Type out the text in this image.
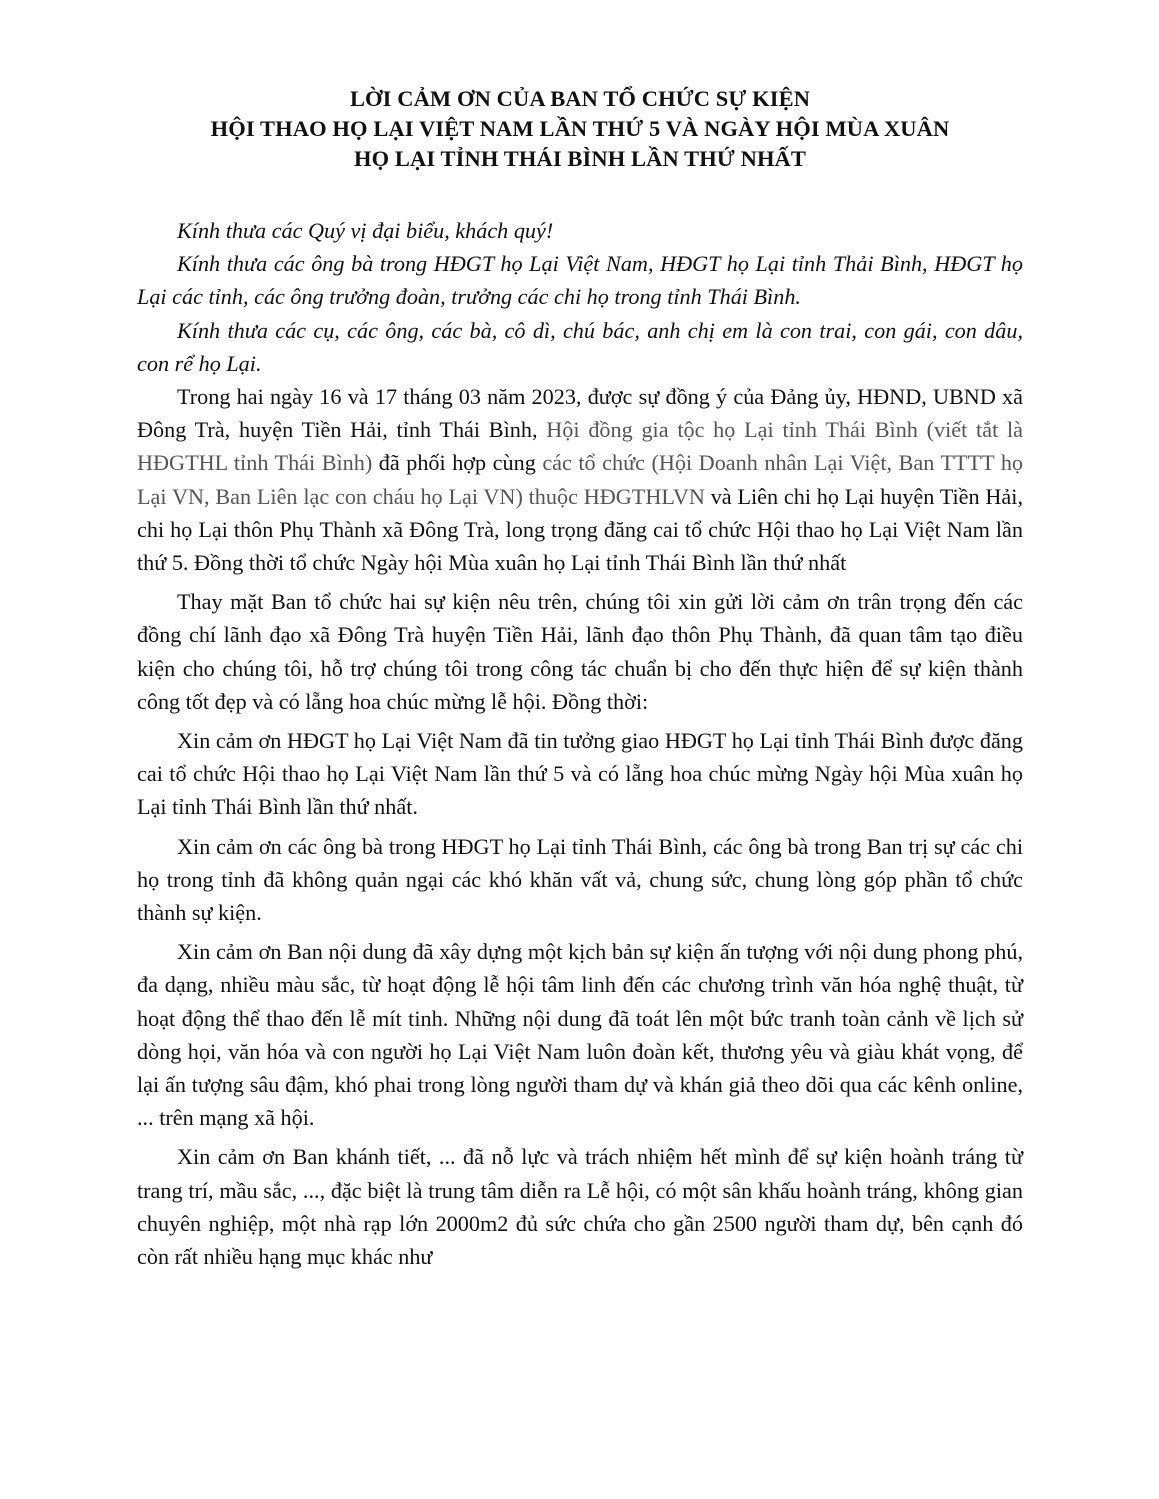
LỜI CẢM ƠN CỦA BAN TỔ CHỨC SỰ KIỆN
HỘI THAO HỌ LẠI VIỆT NAM LẦN THỨ 5 VÀ NGÀY HỘI MÙA XUÂN
HỌ LẠI TỈNH THÁI BÌNH LẦN THỨ NHẤT

Kính thưa các Quý vị đại biểu, khách quý!

Kính thưa các ông bà trong HĐGT họ Lại Việt Nam, HĐGT họ Lại tỉnh Thải Bình, HĐGT họ Lại các tỉnh, các ông trưởng đoàn, trưởng các chi họ trong tỉnh Thái Bình.

Kính thưa các cụ, các ông, các bà, cô dì, chú bác, anh chị em là con trai, con gái, con dâu, con rể họ Lại.

Trong hai ngày 16 và 17 tháng 03 năm 2023, được sự đồng ý của Đảng ủy, HĐND, UBND xã Đông Trà, huyện Tiền Hải, tỉnh Thái Bình, Hội đồng gia tộc họ Lại tỉnh Thái Bình (viết tắt là HĐGTHL tỉnh Thái Bình) đã phối hợp cùng các tổ chức (Hội Doanh nhân Lại Việt, Ban TTTT họ Lại VN, Ban Liên lạc con cháu họ Lại VN) thuộc HĐGTHLVN và Liên chi họ Lại huyện Tiền Hải, chi họ Lại thôn Phụ Thành xã Đông Trà, long trọng đăng cai tổ chức Hội thao họ Lại Việt Nam lần thứ 5. Đồng thời tổ chức Ngày hội Mùa xuân họ Lại tỉnh Thái Bình lần thứ nhất

Thay mặt Ban tổ chức hai sự kiện nêu trên, chúng tôi xin gửi lời cảm ơn trân trọng đến các đồng chí lãnh đạo xã Đông Trà huyện Tiền Hải, lãnh đạo thôn Phụ Thành, đã quan tâm tạo điều kiện cho chúng tôi, hỗ trợ chúng tôi trong công tác chuẩn bị cho đến thực hiện để sự kiện thành công tốt đẹp và có lẵng hoa chúc mừng lễ hội. Đồng thời:

Xin cảm ơn HĐGT họ Lại Việt Nam đã tin tưởng giao HĐGT họ Lại tỉnh Thái Bình được đăng cai tổ chức Hội thao họ Lại Việt Nam lần thứ 5 và có lẵng hoa chúc mừng Ngày hội Mùa xuân họ Lại tỉnh Thái Bình lần thứ nhất.

Xin cảm ơn các ông bà trong HĐGT họ Lại tỉnh Thái Bình, các ông bà trong Ban trị sự các chi họ trong tỉnh đã không quản ngại các khó khăn vất vả, chung sức, chung lòng góp phần tổ chức thành sự kiện.

Xin cảm ơn Ban nội dung đã xây dựng một kịch bản sự kiện ấn tượng với nội dung phong phú, đa dạng, nhiều màu sắc, từ hoạt động lễ hội tâm linh đến các chương trình văn hóa nghệ thuật, từ hoạt động thể thao đến lễ mít tinh. Những nội dung đã toát lên một bức tranh toàn cảnh về lịch sử dòng họi, văn hóa và con người họ Lại Việt Nam luôn đoàn kết, thương yêu và giàu khát vọng, để lại ấn tượng sâu đậm, khó phai trong lòng người tham dự và khán giả theo dõi qua các kênh online, ... trên mạng xã hội.

Xin cảm ơn Ban khánh tiết, ... đã nỗ lực và trách nhiệm hết mình để sự kiện hoành tráng từ trang trí, mầu sắc, ..., đặc biệt là trung tâm diễn ra Lễ hội, có một sân khấu hoành tráng, không gian chuyên nghiệp, một nhà rạp lớn 2000m2 đủ sức chứa cho gần 2500 người tham dự, bên cạnh đó còn rất nhiều hạng mục khác như
